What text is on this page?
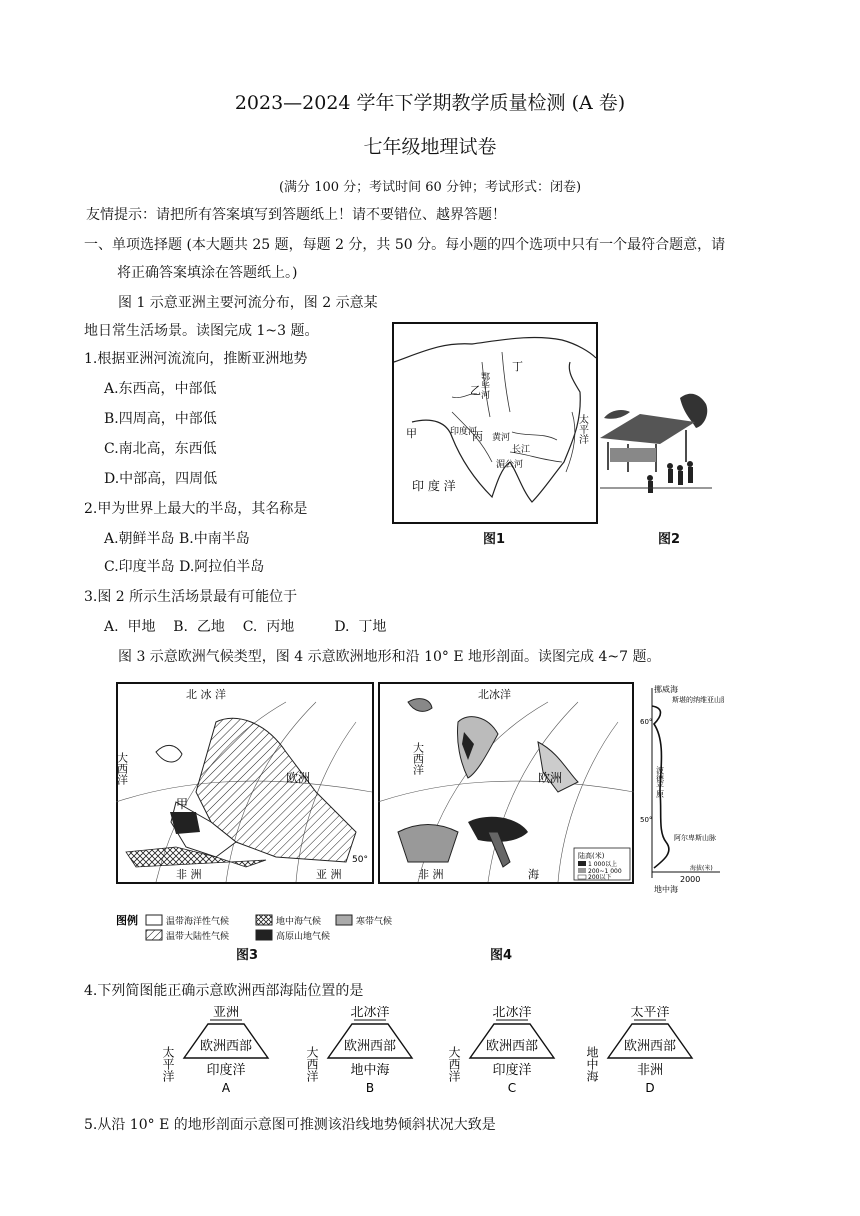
2023—2024 学年下学期教学质量检测 (A 卷)
七年级地理试卷
(满分 100 分；考试时间 60 分钟；考试形式：闭卷)
友情提示：请把所有答案填写到答题纸上！请不要错位、越界答题！
一、单项选择题 (本大题共 25 题，每题 2 分，共 50 分。每小题的四个选项中只有一个最符合题意，请
将正确答案填涂在答题纸上。)
图 1 示意亚洲主要河流分布，图 2 示意某
地日常生活场景。读图完成 1~3 题。
1.根据亚洲河流流向，推断亚洲地势
A.东西高，中部低
B.四周高，中部低
C.南北高，东西低
D.中部高，四周低
2.甲为世界上最大的半岛，其名称是
A.朝鲜半岛 B.中南半岛
C.印度半岛 D.阿拉伯半岛
3.图 2 所示生活场景最有可能位于
A.  甲地    B.  乙地    C.  丙地         D.  丁地
图 3 示意欧洲气候类型，图 4 示意欧洲地形和沿 10° E 地形剖面。读图完成 4~7 题。
甲
乙
丙
丁
印度河
黄河
长江
湄公河
鄂毕河
印 度 洋
太平洋
图1	图2
北 冰 洋
大西洋	欧洲
甲
非 洲	亚 洲
50°
图例	温带海洋性气候	地中海气候	寒带气候
温带大陆性气候	高原山地气候
图3
大西洋
北冰洋
欧洲
非 洲	海
陆高(米)
1 000以上
200~1 000
200以下
挪威海
斯堪的纳维亚山脉
波德平原
阿尔卑斯山脉
地中海
60°
50°
2000
海拔(米)
图4
4.下列简图能正确示意欧洲西部海陆位置的是
亚洲
太平洋 欧洲西部
印度洋
A
北冰洋
大西洋 欧洲西部
地中海
B
北冰洋
大西洋 欧洲西部
印度洋
C
太平洋
地中海 欧洲西部
非洲
D
5.从沿 10° E 的地形剖面示意图可推测该沿线地势倾斜状况大致是
